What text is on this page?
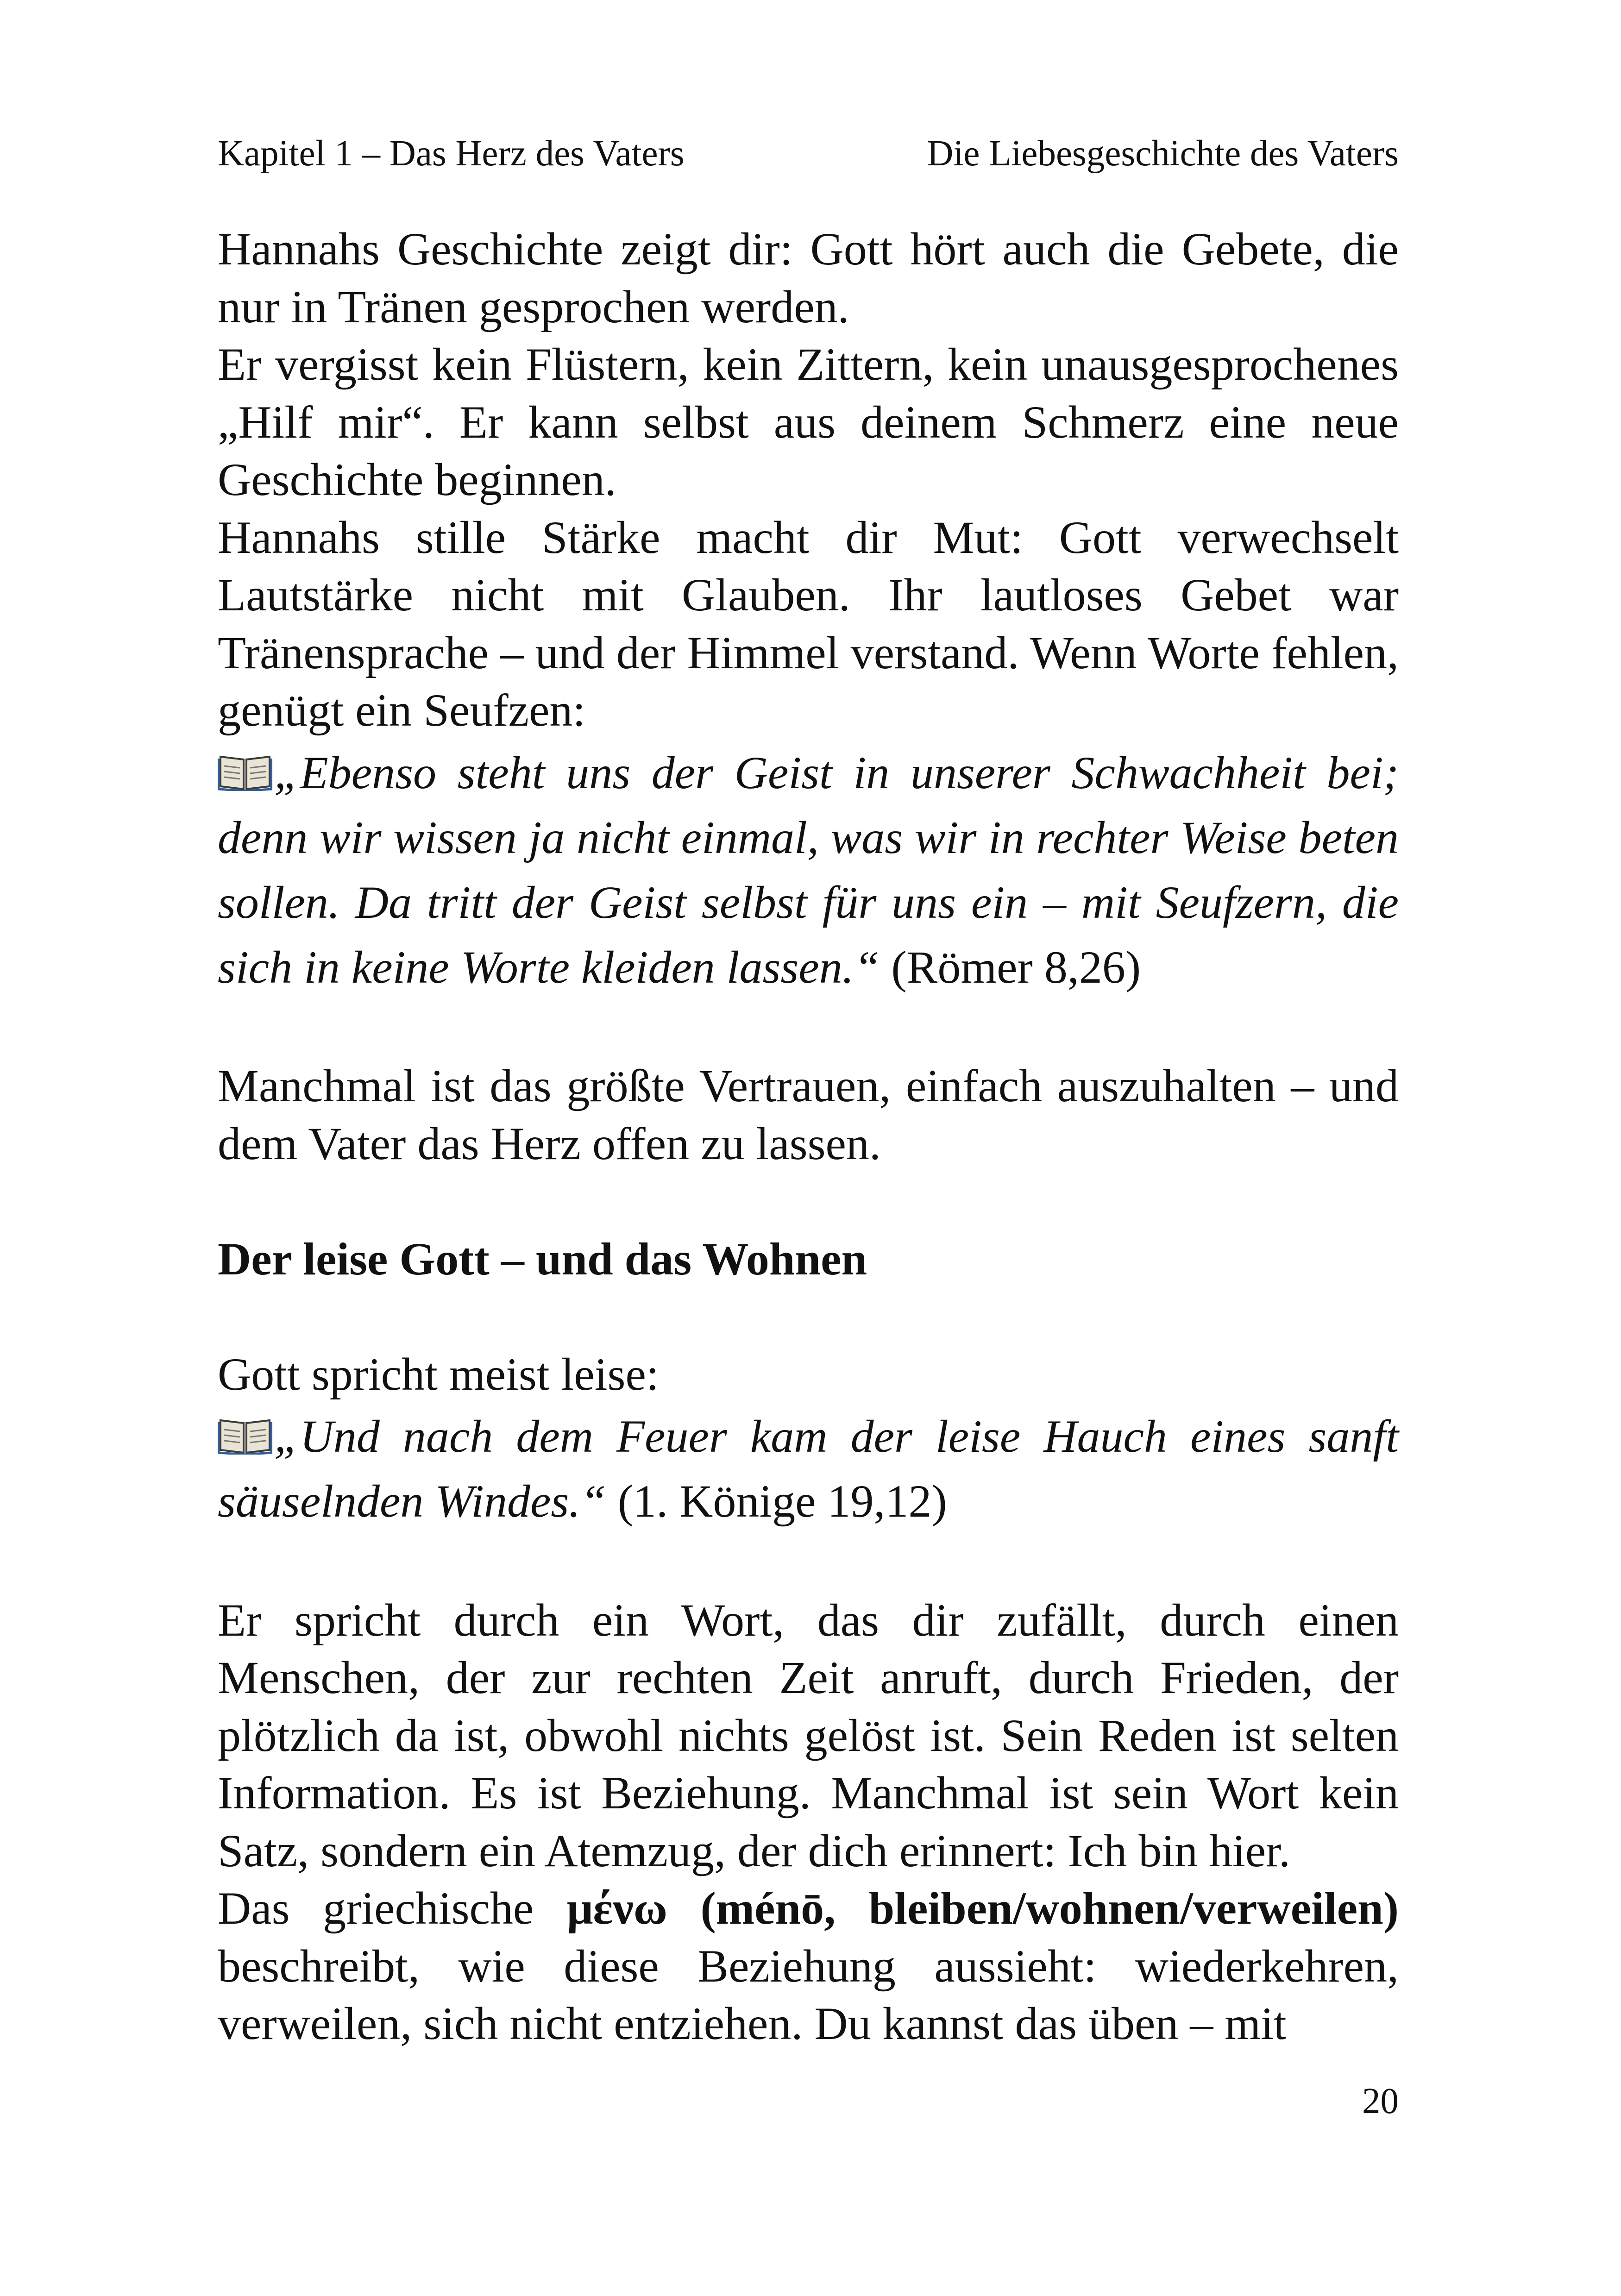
Kapitel 1 – Das Herz des Vaters	Die Liebesgeschichte des Vaters

Hannahs Geschichte zeigt dir: Gott hört auch die Gebete, die nur in Tränen gesprochen werden.

Er vergisst kein Flüstern, kein Zittern, kein unausgesprochenes „Hilf mir“. Er kann selbst aus deinem Schmerz eine neue Geschichte beginnen.

Hannahs stille Stärke macht dir Mut: Gott verwechselt Lautstärke nicht mit Glauben. Ihr lautloses Gebet war Tränensprache – und der Himmel verstand. Wenn Worte fehlen, genügt ein Seufzen:

„Ebenso steht uns der Geist in unserer Schwachheit bei; denn wir wissen ja nicht einmal, was wir in rechter Weise beten sollen. Da tritt der Geist selbst für uns ein – mit Seufzern, die sich in keine Worte kleiden lassen.“ (Römer 8,26)

Manchmal ist das größte Vertrauen, einfach auszuhalten – und dem Vater das Herz offen zu lassen.

Der leise Gott – und das Wohnen

Gott spricht meist leise:

„Und nach dem Feuer kam der leise Hauch eines sanft säuselnden Windes.“ (1. Könige 19,12)

Er spricht durch ein Wort, das dir zufällt, durch einen Menschen, der zur rechten Zeit anruft, durch Frieden, der plötzlich da ist, obwohl nichts gelöst ist. Sein Reden ist selten Information. Es ist Beziehung. Manchmal ist sein Wort kein Satz, sondern ein Atemzug, der dich erinnert: Ich bin hier.

Das griechische μένω (ménō, bleiben/wohnen/verweilen) beschreibt, wie diese Beziehung aussieht: wiederkehren, verweilen, sich nicht entziehen. Du kannst das üben – mit

20
